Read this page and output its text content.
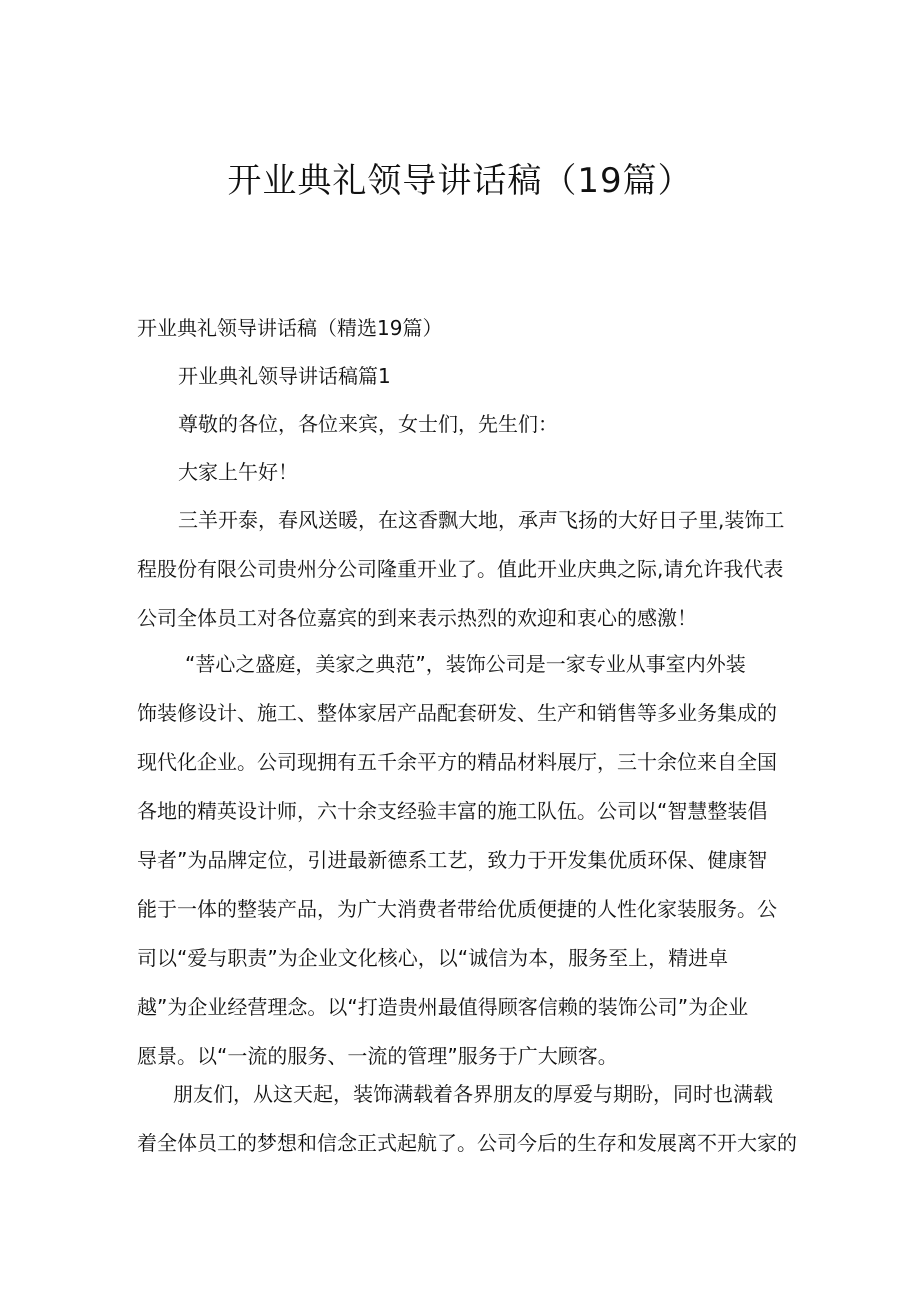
开业典礼领导讲话稿（19篇）

开业典礼领导讲话稿（精选19篇）

开业典礼领导讲话稿篇1

尊敬的各位，各位来宾，女士们，先生们：

大家上午好！

三羊开泰，春风送暖，在这香飘大地，承声飞扬的大好日子里,装饰工
程股份有限公司贵州分公司隆重开业了。值此开业庆典之际,请允许我代表
公司全体员工对各位嘉宾的到来表示热烈的欢迎和衷心的感激！
“菩心之盛庭，美家之典范”，装饰公司是一家专业从事室内外装
饰装修设计、施工、整体家居产品配套研发、生产和销售等多业务集成的
现代化企业。公司现拥有五千余平方的精品材料展厅，三十余位来自全国
各地的精英设计师，六十余支经验丰富的施工队伍。公司以“智慧整装倡
导者”为品牌定位，引进最新德系工艺，致力于开发集优质环保、健康智
能于一体的整装产品，为广大消费者带给优质便捷的人性化家装服务。公
司以“爱与职责”为企业文化核心，以“诚信为本，服务至上，精进卓
越”为企业经营理念。以“打造贵州最值得顾客信赖的装饰公司”为企业
愿景。以“一流的服务、一流的管理”服务于广大顾客。
朋友们，从这天起，装饰满载着各界朋友的厚爱与期盼，同时也满载
着全体员工的梦想和信念正式起航了。公司今后的生存和发展离不开大家的
